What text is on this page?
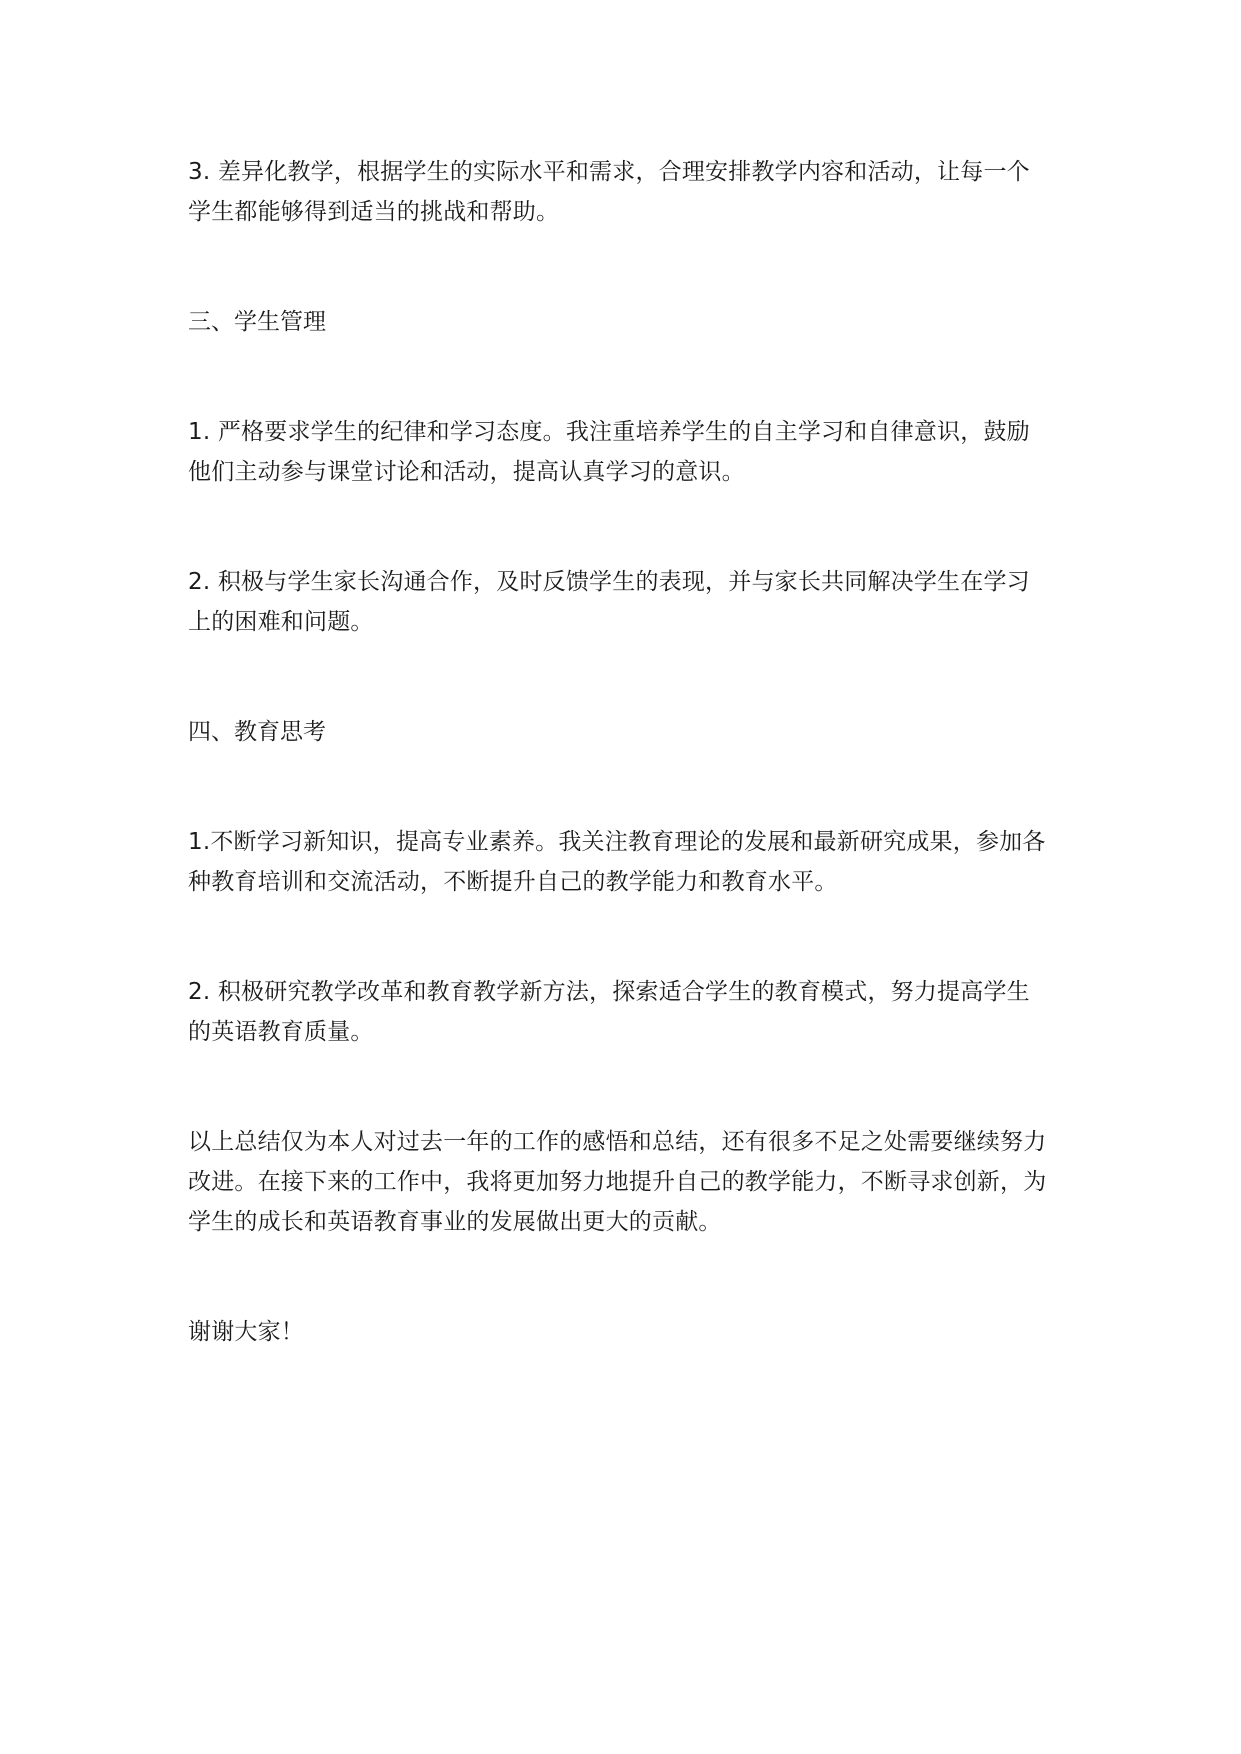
3. 差异化教学，根据学生的实际水平和需求，合理安排教学内容和活动，让每一个学生都能够得到适当的挑战和帮助。

三、学生管理

1. 严格要求学生的纪律和学习态度。我注重培养学生的自主学习和自律意识，鼓励他们主动参与课堂讨论和活动，提高认真学习的意识。

2. 积极与学生家长沟通合作，及时反馈学生的表现，并与家长共同解决学生在学习上的困难和问题。

四、教育思考

1.不断学习新知识，提高专业素养。我关注教育理论的发展和最新研究成果，参加各种教育培训和交流活动，不断提升自己的教学能力和教育水平。

2. 积极研究教学改革和教育教学新方法，探索适合学生的教育模式，努力提高学生的英语教育质量。

以上总结仅为本人对过去一年的工作的感悟和总结，还有很多不足之处需要继续努力改进。在接下来的工作中，我将更加努力地提升自己的教学能力，不断寻求创新，为学生的成长和英语教育事业的发展做出更大的贡献。

谢谢大家！
